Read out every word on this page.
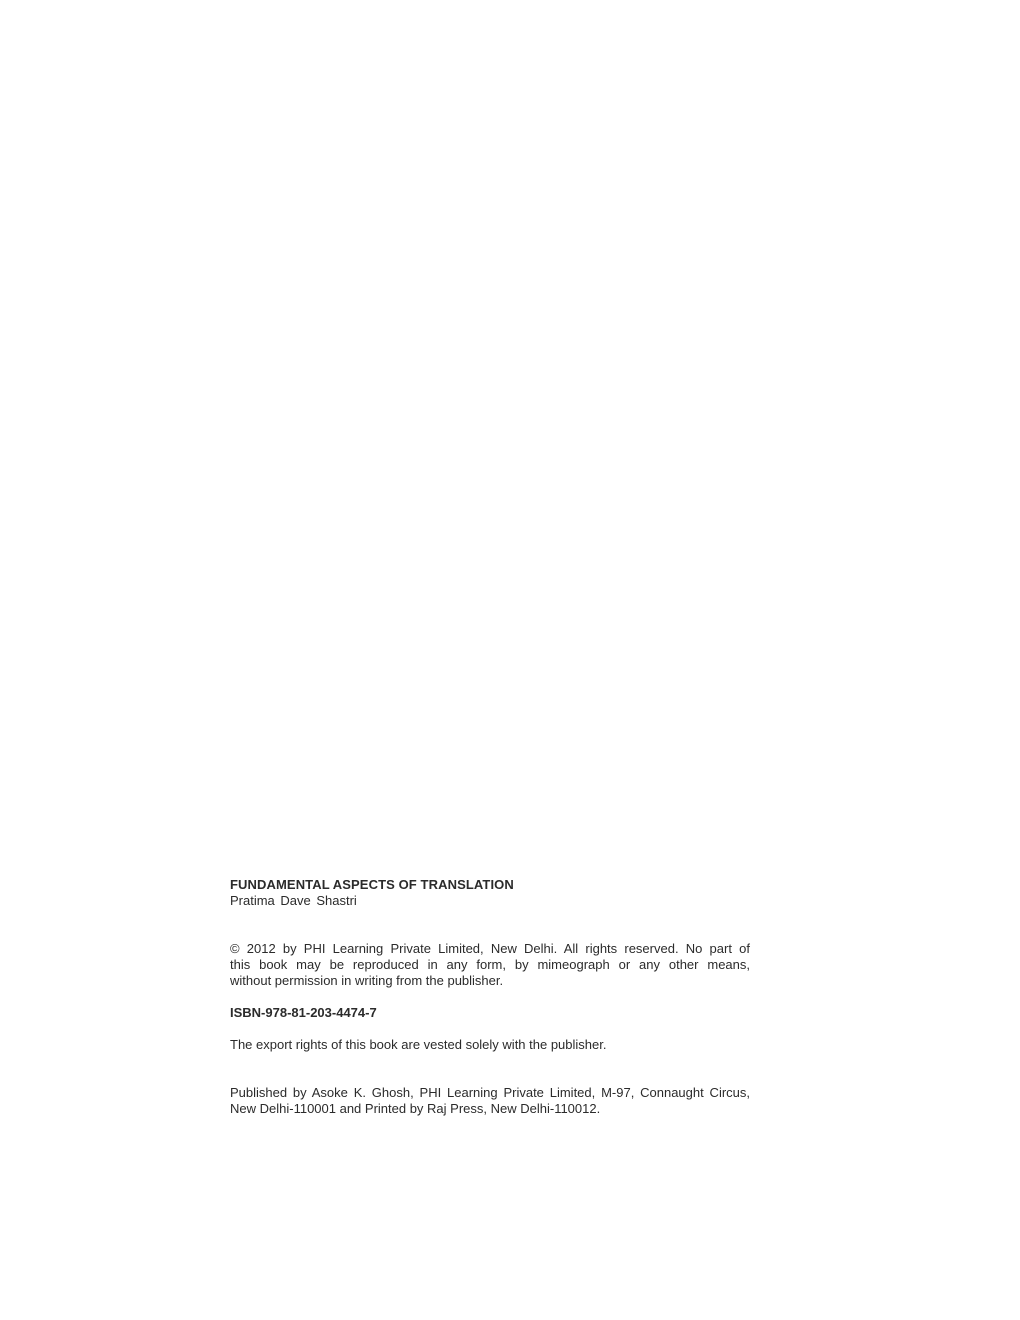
FUNDAMENTAL ASPECTS OF TRANSLATION

Pratima Dave Shastri

© 2012 by PHI Learning Private Limited, New Delhi. All rights reserved. No part of
this book may be reproduced in any form, by mimeograph or any other means,
without permission in writing from the publisher.

ISBN-978-81-203-4474-7

The export rights of this book are vested solely with the publisher.

Published by Asoke K. Ghosh, PHI Learning Private Limited, M-97, Connaught Circus,
New Delhi-110001 and Printed by Raj Press, New Delhi-110012.
